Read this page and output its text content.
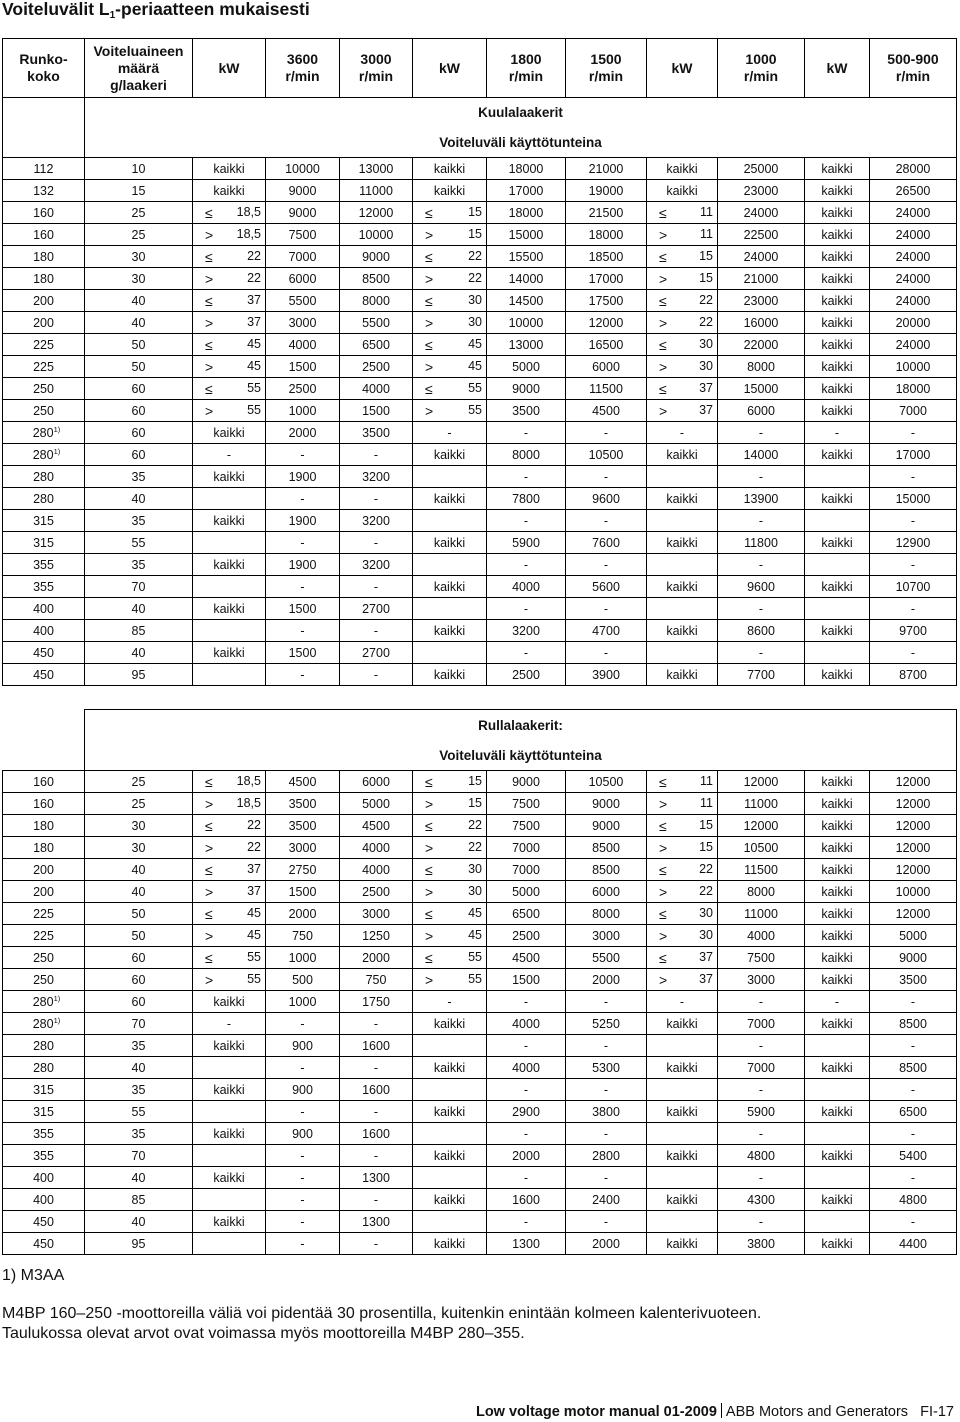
Voiteluvälit $L_1$-periaatteen mukaisesti
Runko-
koko	Voiteluaineen
määrä
g/laakeri	kW	3600
r/min	3000
r/min	kW	1800
r/min	1500
r/min	kW	1000
r/min	kW	500-900
r/min
	Kuulalaakerit										
	Voiteluväli käyttötunteina										
112	10	kaikki	10000	13000	kaikki	18000	21000	kaikki	25000	kaikki	28000
132	15	kaikki	9000	11000	kaikki	17000	19000	kaikki	23000	kaikki	26500
160	25	≤ 18,5	9000	12000	≤ 15	18000	21500	≤ 11	24000	kaikki	24000
160	25	> 18,5	7500	10000	> 15	15000	18000	> 11	22500	kaikki	24000
180	30	≤ 22	7000	9000	≤ 22	15500	18500	≤ 15	24000	kaikki	24000
180	30	> 22	6000	8500	> 22	14000	17000	> 15	21000	kaikki	24000
200	40	≤ 37	5500	8000	≤ 30	14500	17500	≤ 22	23000	kaikki	24000
200	40	> 37	3000	5500	> 30	10000	12000	> 22	16000	kaikki	20000
225	50	≤ 45	4000	6500	≤ 45	13000	16500	≤ 30	22000	kaikki	24000
225	50	> 45	1500	2500	> 45	5000	6000	> 30	8000	kaikki	10000
250	60	≤ 55	2500	4000	≤ 55	9000	11500	≤ 37	15000	kaikki	18000
250	60	> 55	1000	1500	> 55	3500	4500	> 37	6000	kaikki	7000
280$^{1)}$	60	kaikki	2000	3500	-	-	-	-	-	-	-
280$^{1)}$	60	-	-	-	kaikki	8000	10500	kaikki	14000	kaikki	17000
280	35	kaikki	1900	3200		-	-		-		-
280	40		-	-	kaikki	7800	9600	kaikki	13900	kaikki	15000
315	35	kaikki	1900	3200		-	-		-		-
315	55		-	-	kaikki	5900	7600	kaikki	11800	kaikki	12900
355	35	kaikki	1900	3200		-	-		-		-
355	70		-	-	kaikki	4000	5600	kaikki	9600	kaikki	10700
400	40	kaikki	1500	2700		-	-		-		-
400	85		-	-	kaikki	3200	4700	kaikki	8600	kaikki	9700
450	40	kaikki	1500	2700		-	-		-		-
450	95		-	-	kaikki	2500	3900	kaikki	7700	kaikki	8700
	Rullalaakerit:										
	Voiteluväli käyttötunteina										
160	25	≤ 18,5	4500	6000	≤ 15	9000	10500	≤ 11	12000	kaikki	12000
160	25	> 18,5	3500	5000	> 15	7500	9000	> 11	11000	kaikki	12000
180	30	≤ 22	3500	4500	≤ 22	7500	9000	≤ 15	12000	kaikki	12000
180	30	> 22	3000	4000	> 22	7000	8500	> 15	10500	kaikki	12000
200	40	≤ 37	2750	4000	≤ 30	7000	8500	≤ 22	11500	kaikki	12000
200	40	> 37	1500	2500	> 30	5000	6000	> 22	8000	kaikki	10000
225	50	≤ 45	2000	3000	≤ 45	6500	8000	≤ 30	11000	kaikki	12000
225	50	> 45	750	1250	> 45	2500	3000	> 30	4000	kaikki	5000
250	60	≤ 55	1000	2000	≤ 55	4500	5500	≤ 37	7500	kaikki	9000
250	60	> 55	500	750	> 55	1500	2000	> 37	3000	kaikki	3500
280$^{1)}$	60	kaikki	1000	1750	-	-	-	-	-	-	-
280$^{1)}$	70	-	-	-	kaikki	4000	5250	kaikki	7000	kaikki	8500
280	35	kaikki	900	1600		-	-		-		-
280	40		-	-	kaikki	4000	5300	kaikki	7000	kaikki	8500
315	35	kaikki	900	1600		-	-		-		-
315	55		-	-	kaikki	2900	3800	kaikki	5900	kaikki	6500
355	35	kaikki	900	1600		-	-		-		-
355	70		-	-	kaikki	2000	2800	kaikki	4800	kaikki	5400
400	40	kaikki	-	1300		-	-		-		-
400	85		-	-	kaikki	1600	2400	kaikki	4300	kaikki	4800
450	40	kaikki	-	1300		-	-		-		-
450	95		-	-	kaikki	1300	2000	kaikki	3800	kaikki	4400
1) M3AA
M4BP 160–250 -moottoreilla väliä voi pidentää 30 prosentilla, kuitenkin enintään kolmeen kalenterivuoteen.
Taulukossa olevat arvot ovat voimassa myös moottoreilla M4BP 280–355.
Low voltage motor manual 01-2009 ABB Motors and Generators FI-17
